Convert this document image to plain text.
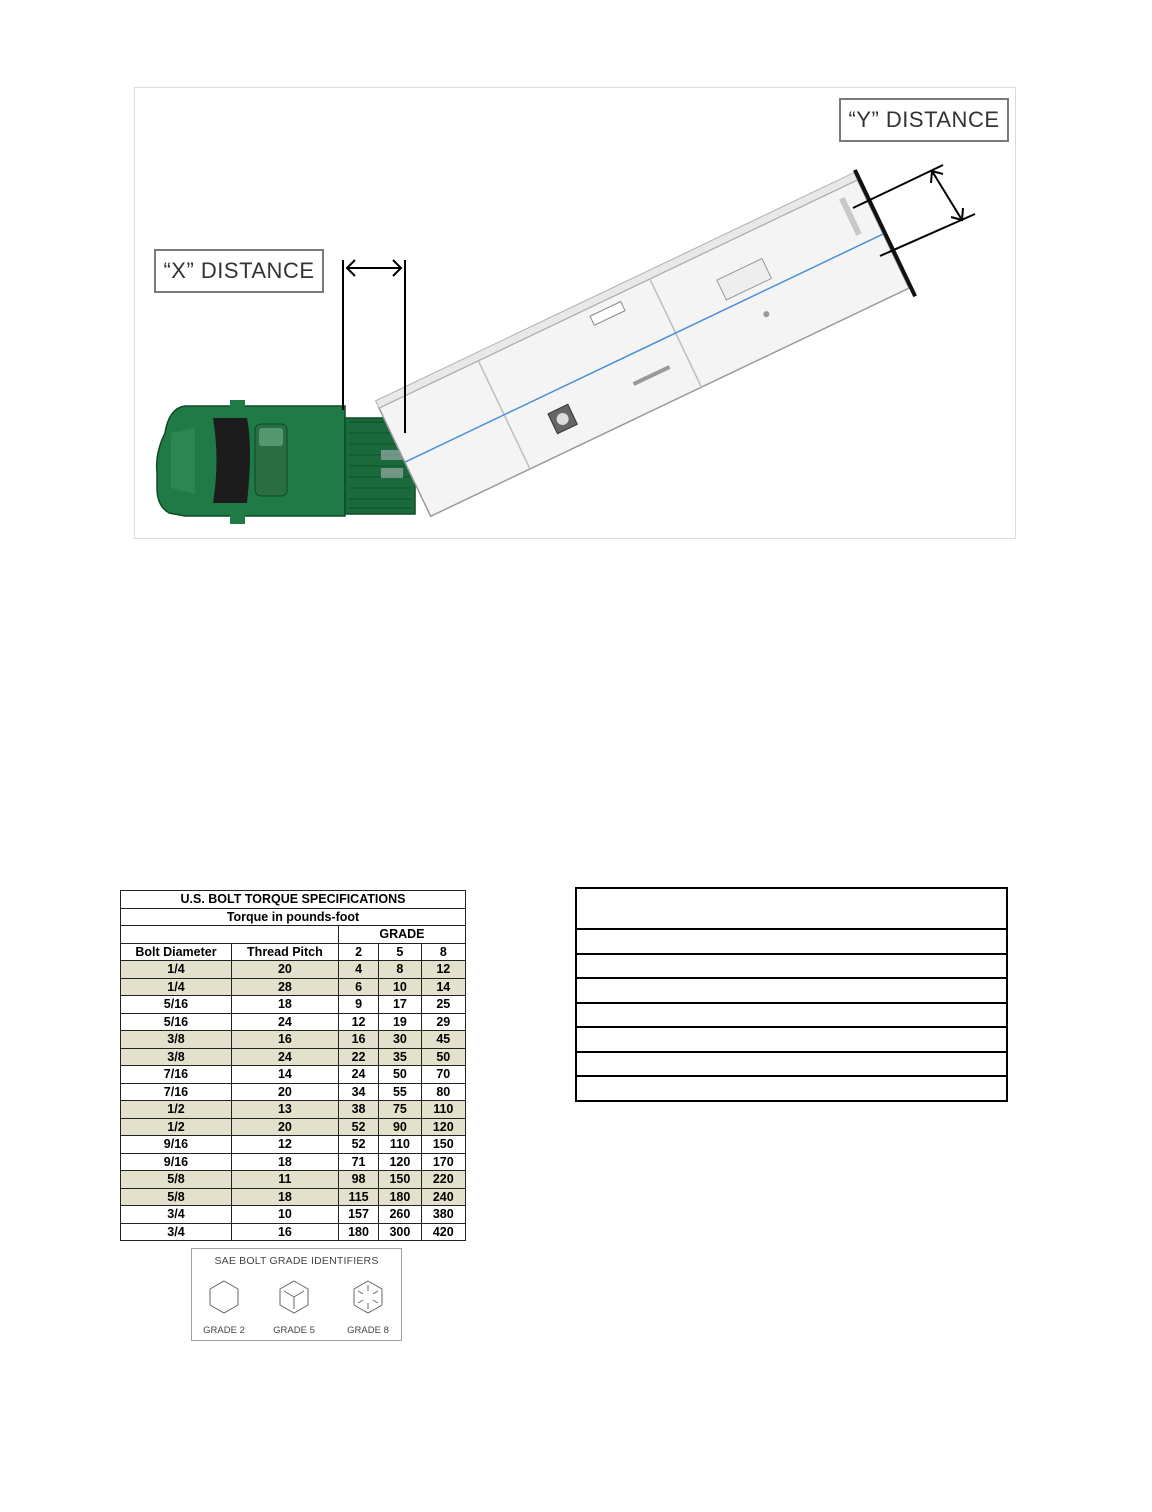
“X” DISTANCE
“Y” DISTANCE
U.S. BOLT TORQUE SPECIFICATIONS				
Torque in pounds-foot				
		GRADE		
Bolt Diameter	Thread Pitch	2	5	8
1/4	20	4	8	12
1/4	28	6	10	14
5/16	18	9	17	25
5/16	24	12	19	29
3/8	16	16	30	45
3/8	24	22	35	50
7/16	14	24	50	70
7/16	20	34	55	80
1/2	13	38	75	110
1/2	20	52	90	120
9/16	12	52	110	150
9/16	18	71	120	170
5/8	11	98	150	220
5/8	18	115	180	240
3/4	10	157	260	380
3/4	16	180	300	420
SAE BOLT GRADE IDENTIFIERS
GRADE 2	GRADE 5	GRADE 8
